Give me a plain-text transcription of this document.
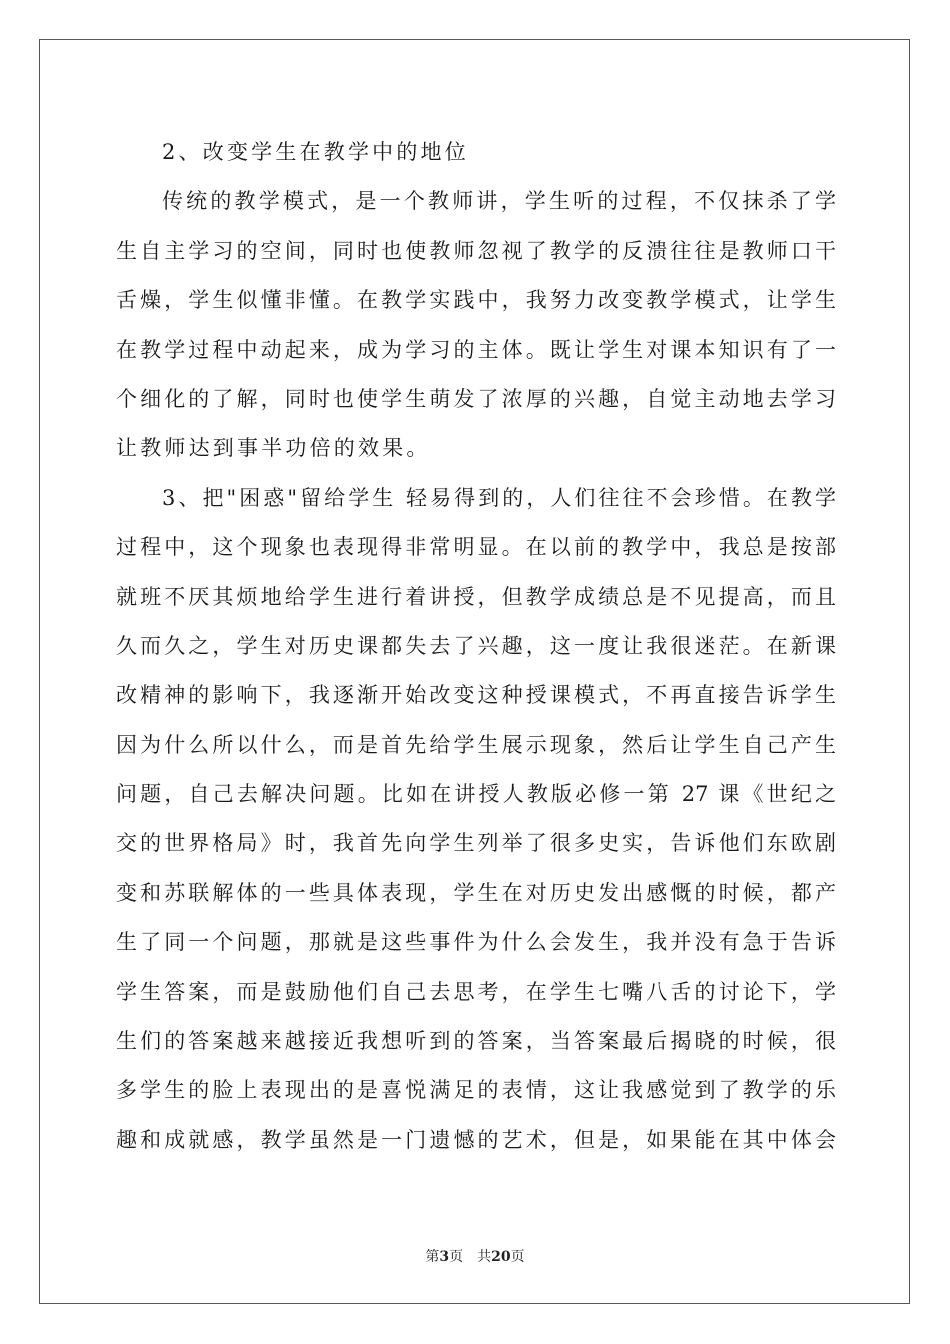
2、改变学生在教学中的地位
传统的教学模式，是一个教师讲，学生听的过程，不仅抹杀了学
生自主学习的空间，同时也使教师忽视了教学的反溃往往是教师口干
舌燥，学生似懂非懂。在教学实践中，我努力改变教学模式，让学生
在教学过程中动起来，成为学习的主体。既让学生对课本知识有了一
个细化的了解，同时也使学生萌发了浓厚的兴趣，自觉主动地去学习
让教师达到事半功倍的效果。
3、把"困惑"留给学生 轻易得到的，人们往往不会珍惜。在教学
过程中，这个现象也表现得非常明显。在以前的教学中，我总是按部
就班不厌其烦地给学生进行着讲授，但教学成绩总是不见提高，而且
久而久之，学生对历史课都失去了兴趣，这一度让我很迷茫。在新课
改精神的影响下，我逐渐开始改变这种授课模式，不再直接告诉学生
因为什么所以什么，而是首先给学生展示现象，然后让学生自己产生
问题，自己去解决问题。比如在讲授人教版必修一第 27 课《世纪之
交的世界格局》时，我首先向学生列举了很多史实，告诉他们东欧剧
变和苏联解体的一些具体表现，学生在对历史发出感慨的时候，都产
生了同一个问题，那就是这些事件为什么会发生，我并没有急于告诉
学生答案，而是鼓励他们自己去思考，在学生七嘴八舌的讨论下，学
生们的答案越来越接近我想听到的答案，当答案最后揭晓的时候，很
多学生的脸上表现出的是喜悦满足的表情，这让我感觉到了教学的乐
趣和成就感，教学虽然是一门遗憾的艺术，但是，如果能在其中体会
第3页 共20页
